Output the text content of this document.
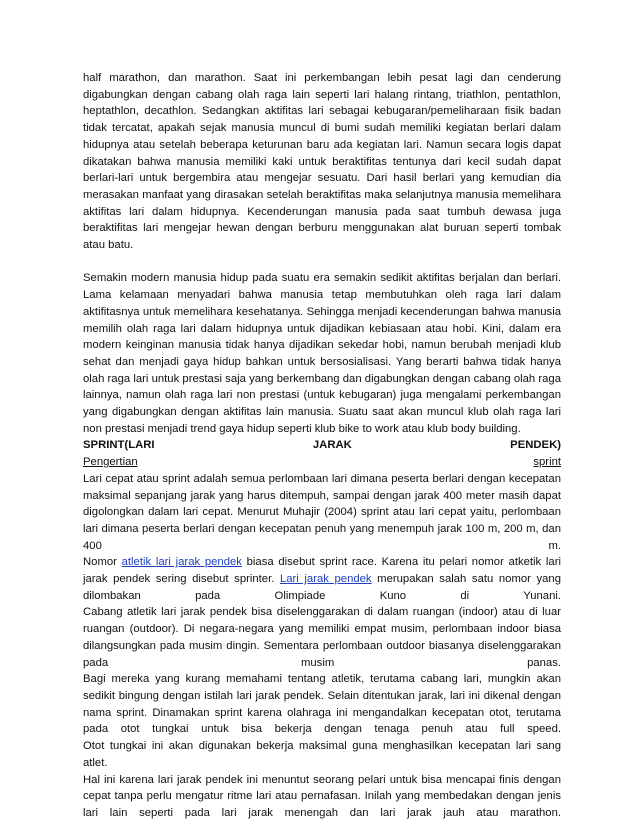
half marathon, dan marathon. Saat ini perkembangan lebih pesat lagi dan cenderung digabungkan dengan cabang olah raga lain seperti lari halang rintang, triathlon, pentathlon, heptathlon, decathlon. Sedangkan aktifitas lari sebagai kebugaran/pemeliharaan fisik badan tidak tercatat, apakah sejak manusia muncul di bumi sudah memiliki kegiatan berlari dalam hidupnya atau setelah beberapa keturunan baru ada kegiatan lari. Namun secara logis dapat dikatakan bahwa manusia memiliki kaki untuk beraktifitas tentunya dari kecil sudah dapat berlari-lari untuk bergembira atau mengejar sesuatu. Dari hasil berlari yang kemudian dia merasakan manfaat yang dirasakan setelah beraktifitas maka selanjutnya manusia memelihara aktifitas lari dalam hidupnya. Kecenderungan manusia pada saat tumbuh dewasa juga beraktifitas lari mengejar hewan dengan berburu menggunakan alat buruan seperti tombak atau batu.

Semakin modern manusia hidup pada suatu era semakin sedikit aktifitas berjalan dan berlari. Lama kelamaan menyadari bahwa manusia tetap membutuhkan oleh raga lari dalam aktifitasnya untuk memelihara kesehatanya. Sehingga menjadi kecenderungan bahwa manusia memilih olah raga lari dalam hidupnya untuk dijadikan kebiasaan atau hobi. Kini, dalam era modern keinginan manusia tidak hanya dijadikan sekedar hobi, namun berubah menjadi klub sehat dan menjadi gaya hidup bahkan untuk bersosialisasi. Yang berarti bahwa tidak hanya olah raga lari untuk prestasi saja yang berkembang dan digabungkan dengan cabang olah raga lainnya, namun olah raga lari non prestasi (untuk kebugaran) juga mengalami perkembangan yang digabungkan dengan aktifitas lain manusia. Suatu saat akan muncul klub olah raga lari non prestasi menjadi trend gaya hidup seperti klub bike to work atau klub body building.

SPRINT(LARI	JARAK	PENDEK)
Pengertian	sprint

Lari cepat atau sprint adalah semua perlombaan lari dimana peserta berlari dengan kecepatan maksimal sepanjang jarak yang harus ditempuh, sampai dengan jarak 400 meter masih dapat digolongkan dalam lari cepat. Menurut Muhajir (2004) sprint atau lari cepat yaitu, perlombaan lari dimana peserta berlari dengan kecepatan penuh yang menempuh jarak 100 m, 200 m, dan 400 m.

Nomor atletik lari jarak pendek biasa disebut sprint race. Karena itu pelari nomor atketik lari jarak pendek sering disebut sprinter. Lari jarak pendek merupakan salah satu nomor yang dilombakan pada Olimpiade Kuno di Yunani.

Cabang atletik lari jarak pendek bisa diselenggarakan di dalam ruangan (indoor) atau di luar ruangan (outdoor). Di negara-negara yang memiliki empat musim, perlombaan indoor biasa dilangsungkan pada musim dingin. Sementara perlombaan outdoor biasanya diselenggarakan pada musim panas.

Bagi mereka yang kurang memahami tentang atletik, terutama cabang lari, mungkin akan sedikit bingung dengan istilah lari jarak pendek. Selain ditentukan jarak, lari ini dikenal dengan nama sprint. Dinamakan sprint karena olahraga ini mengandalkan kecepatan otot, terutama pada otot tungkai untuk bisa bekerja dengan tenaga penuh atau full speed.

Otot tungkai ini akan digunakan bekerja maksimal guna menghasilkan kecepatan lari sang atlet.

Hal ini karena lari jarak pendek ini menuntut seorang pelari untuk bisa mencapai finis dengan cepat tanpa perlu mengatur ritme lari atau pernafasan. Inilah yang membedakan dengan jenis lari lain seperti pada lari jarak menengah dan lari jarak jauh atau marathon.
